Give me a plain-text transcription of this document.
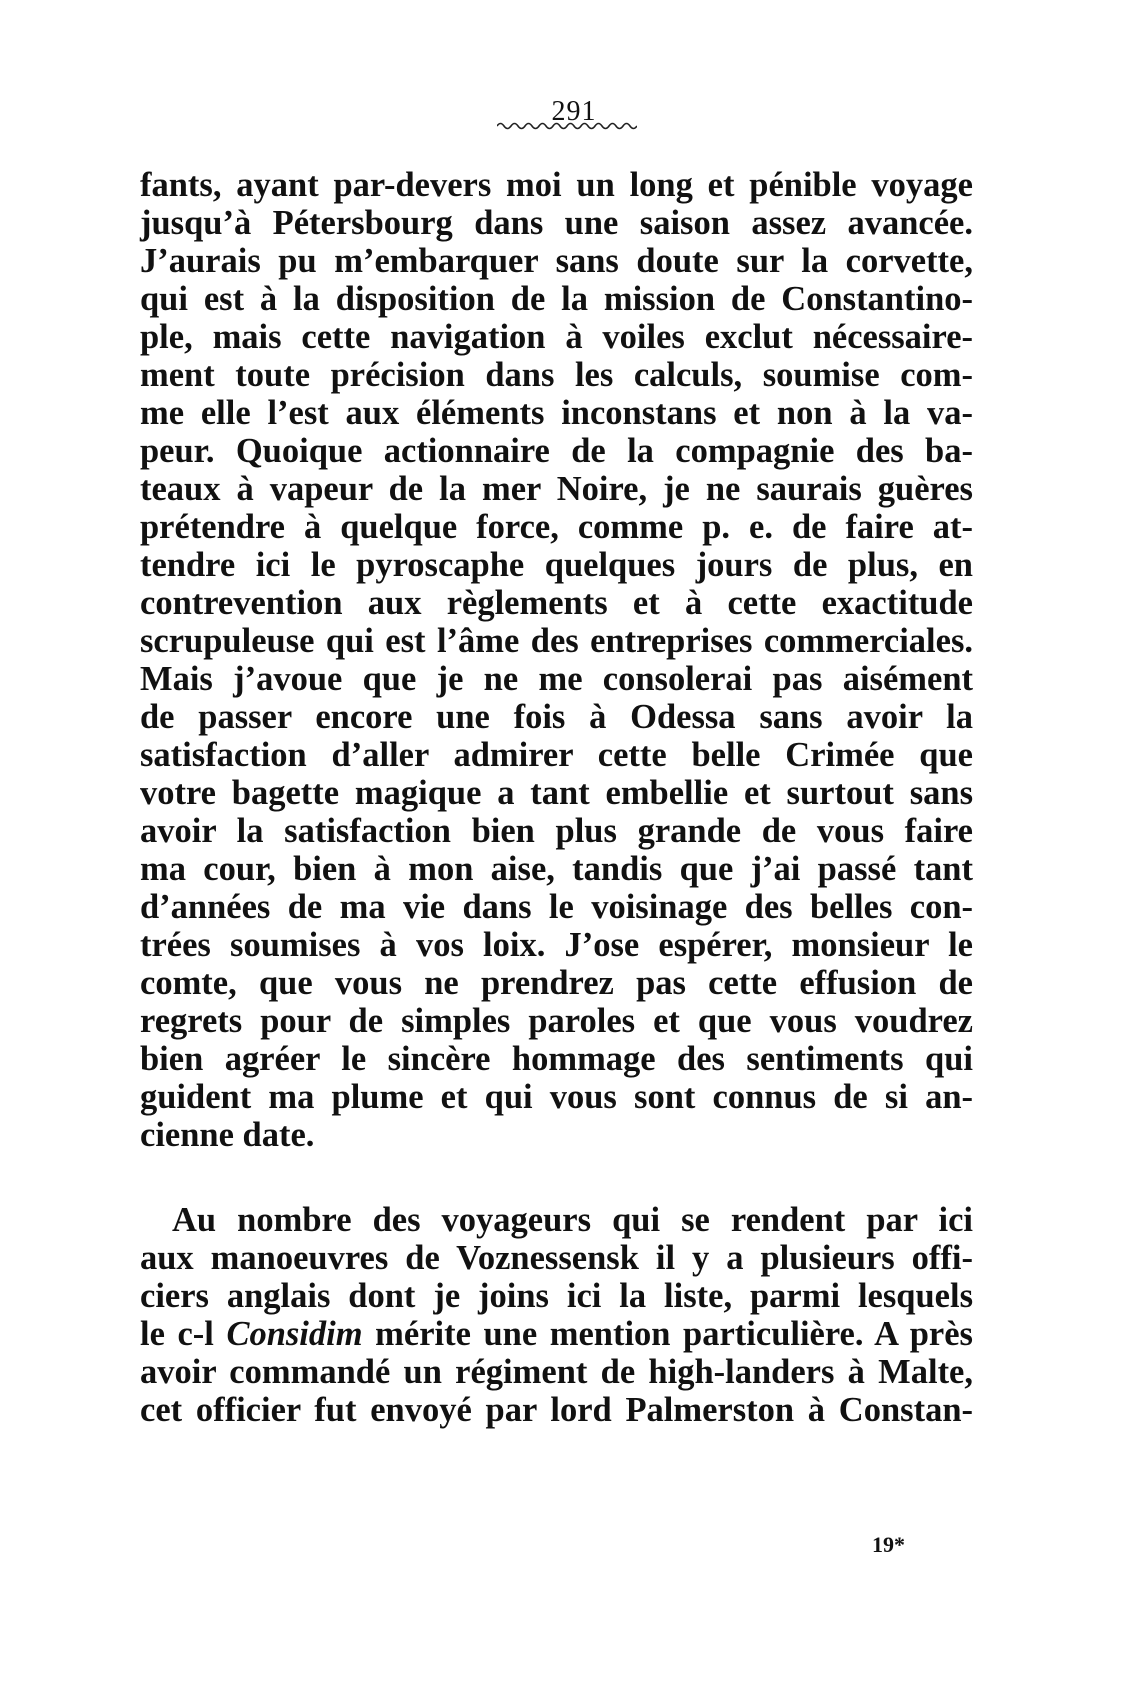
291
fants, ayant par-devers moi un long et pénible voyage
jusqu’à Pétersbourg dans une saison assez avancée.
J’aurais pu m’embarquer sans doute sur la corvette,
qui est à la disposition de la mission de Constantino-
ple, mais cette navigation à voiles exclut nécessaire-
ment toute précision dans les calculs, soumise com-
me elle l’est aux éléments inconstans et non à la va-
peur. Quoique actionnaire de la compagnie des ba-
teaux à vapeur de la mer Noire, je ne saurais guères
prétendre à quelque force, comme p. e. de faire at-
tendre ici le pyroscaphe quelques jours de plus, en
contrevention aux règlements et à cette exactitude
scrupuleuse qui est l’âme des entreprises commerciales.
Mais j’avoue que je ne me consolerai pas aisément
de passer encore une fois à Odessa sans avoir la
satisfaction d’aller admirer cette belle Crimée que
votre bagette magique a tant embellie et surtout sans
avoir la satisfaction bien plus grande de vous faire
ma cour, bien à mon aise, tandis que j’ai passé tant
d’années de ma vie dans le voisinage des belles con-
trées soumises à vos loix. J’ose espérer, monsieur le
comte, que vous ne prendrez pas cette effusion de
regrets pour de simples paroles et que vous voudrez
bien agréer le sincère hommage des sentiments qui
guident ma plume et qui vous sont connus de si an-
cienne date.
Au nombre des voyageurs qui se rendent par ici
aux manoeuvres de Voznessensk il y a plusieurs offi-
ciers anglais dont je joins ici la liste, parmi lesquels
le c-l Considim mérite une mention particulière. A près
avoir commandé un régiment de high-landers à Malte,
cet officier fut envoyé par lord Palmerston à Constan-
19*
